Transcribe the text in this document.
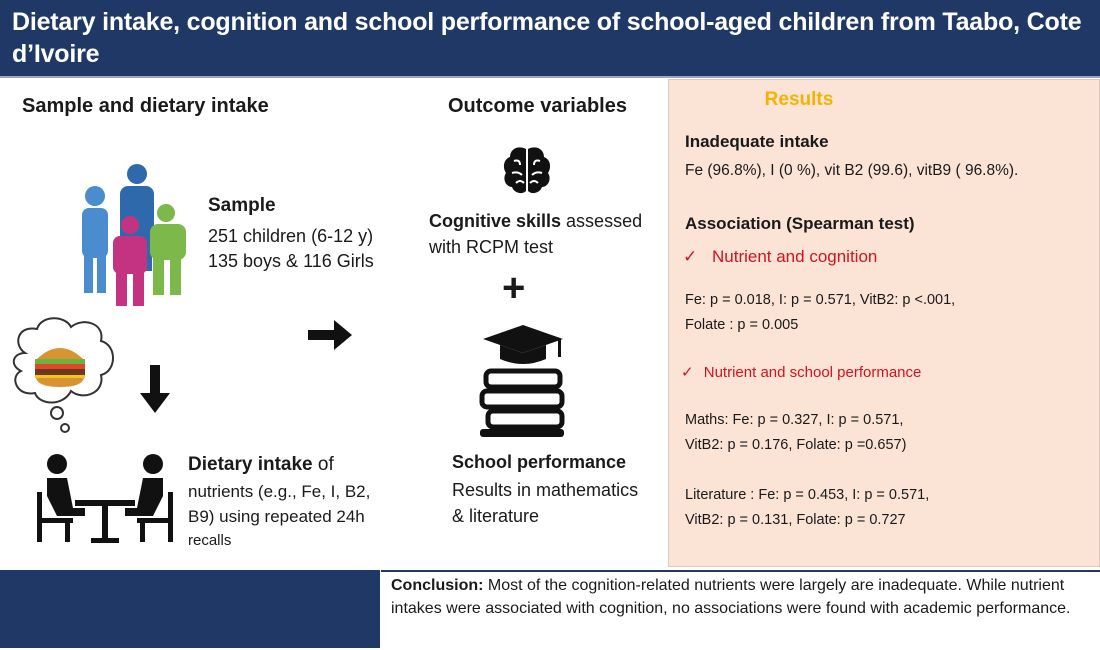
Dietary intake, cognition and school performance of school-aged children from Taabo, Cote d’Ivoire
Sample and dietary intake
Sample
251 children (6-12 y)
135 boys & 116 Girls
Dietary intake of
nutrients (e.g., Fe, I, B2,
B9) using repeated 24h
recalls
Outcome variables
Cognitive skills assessed
with RCPM test
+
School performance
Results in mathematics
& literature
Results
Inadequate intake
Fe (96.8%), I (0 %), vit B2 (99.6), vitB9 ( 96.8%).
Association (Spearman test)
✓ Nutrient and cognition
Fe: p = 0.018, I: p = 0.571, VitB2: p <.001,
Folate : p = 0.005
✓ Nutrient and school performance
Maths: Fe: p = 0.327, I: p = 0.571,
VitB2: p = 0.176, Folate: p =0.657)
Literature : Fe: p = 0.453, I: p = 0.571,
VitB2: p = 0.131, Folate: p = 0.727
Conclusion: Most of the cognition-related nutrients were largely are inadequate. While nutrient intakes were associated with cognition, no associations were found with academic performance.
